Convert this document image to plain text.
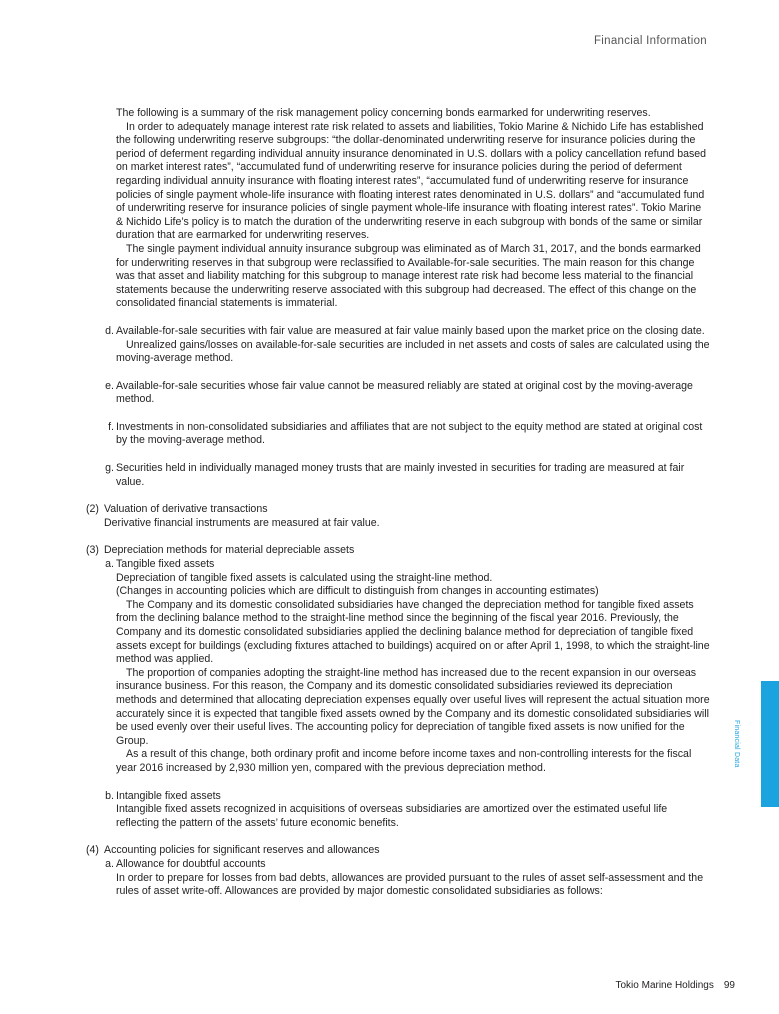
Financial Information
Financial Data

The following is a summary of the risk management policy concerning bonds earmarked for underwriting reserves.

In order to adequately manage interest rate risk related to assets and liabilities, Tokio Marine & Nichido Life has established the following underwriting reserve subgroups: “the dollar-denominated underwriting reserve for insurance policies during the period of deferment regarding individual annuity insurance denominated in U.S. dollars with a policy cancellation refund based on market interest rates”, “accumulated fund of underwriting reserve for insurance policies during the period of deferment regarding individual annuity insurance with floating interest rates”, “accumulated fund of underwriting reserve for insurance policies of single payment whole-life insurance with floating interest rates denominated in U.S. dollars” and “accumulated fund of underwriting reserve for insurance policies of single payment whole-life insurance with floating interest rates”. Tokio Marine & Nichido Life’s policy is to match the duration of the underwriting reserve in each subgroup with bonds of the same or similar duration that are earmarked for underwriting reserves.

The single payment individual annuity insurance subgroup was eliminated as of March 31, 2017, and the bonds earmarked for underwriting reserves in that subgroup were reclassified to Available-for-sale securities. The main reason for this change was that asset and liability matching for this subgroup to manage interest rate risk had become less material to the financial statements because the underwriting reserve associated with this subgroup had decreased. The effect of this change on the consolidated financial statements is immaterial.

d. Available-for-sale securities with fair value are measured at fair value mainly based upon the market price on the closing date.

Unrealized gains/losses on available-for-sale securities are included in net assets and costs of sales are calculated using the moving-average method.

e. Available-for-sale securities whose fair value cannot be measured reliably are stated at original cost by the moving-average method.

f. Investments in non-consolidated subsidiaries and affiliates that are not subject to the equity method are stated at original cost by the moving-average method.

g. Securities held in individually managed money trusts that are mainly invested in securities for trading are measured at fair value.

(2) Valuation of derivative transactions

Derivative financial instruments are measured at fair value.

(3) Depreciation methods for material depreciable assets

a. Tangible fixed assets

Depreciation of tangible fixed assets is calculated using the straight-line method.

(Changes in accounting policies which are difficult to distinguish from changes in accounting estimates)

The Company and its domestic consolidated subsidiaries have changed the depreciation method for tangible fixed assets from the declining balance method to the straight-line method since the beginning of the fiscal year 2016. Previously, the Company and its domestic consolidated subsidiaries applied the declining balance method for depreciation of tangible fixed assets except for buildings (excluding fixtures attached to buildings) acquired on or after April 1, 1998, to which the straight-line method was applied.

The proportion of companies adopting the straight-line method has increased due to the recent expansion in our overseas insurance business. For this reason, the Company and its domestic consolidated subsidiaries reviewed its depreciation methods and determined that allocating depreciation expenses equally over useful lives will represent the actual situation more accurately since it is expected that tangible fixed assets owned by the Company and its domestic consolidated subsidiaries will be used evenly over their useful lives. The accounting policy for depreciation of tangible fixed assets is now unified for the Group.

As a result of this change, both ordinary profit and income before income taxes and non-controlling interests for the fiscal year 2016 increased by 2,930 million yen, compared with the previous depreciation method.

b. Intangible fixed assets

Intangible fixed assets recognized in acquisitions of overseas subsidiaries are amortized over the estimated useful life reflecting the pattern of the assets’ future economic benefits.

(4) Accounting policies for significant reserves and allowances

a. Allowance for doubtful accounts

In order to prepare for losses from bad debts, allowances are provided pursuant to the rules of asset self-assessment and the rules of asset write-off. Allowances are provided by major domestic consolidated subsidiaries as follows:

Tokio Marine Holdings 99
